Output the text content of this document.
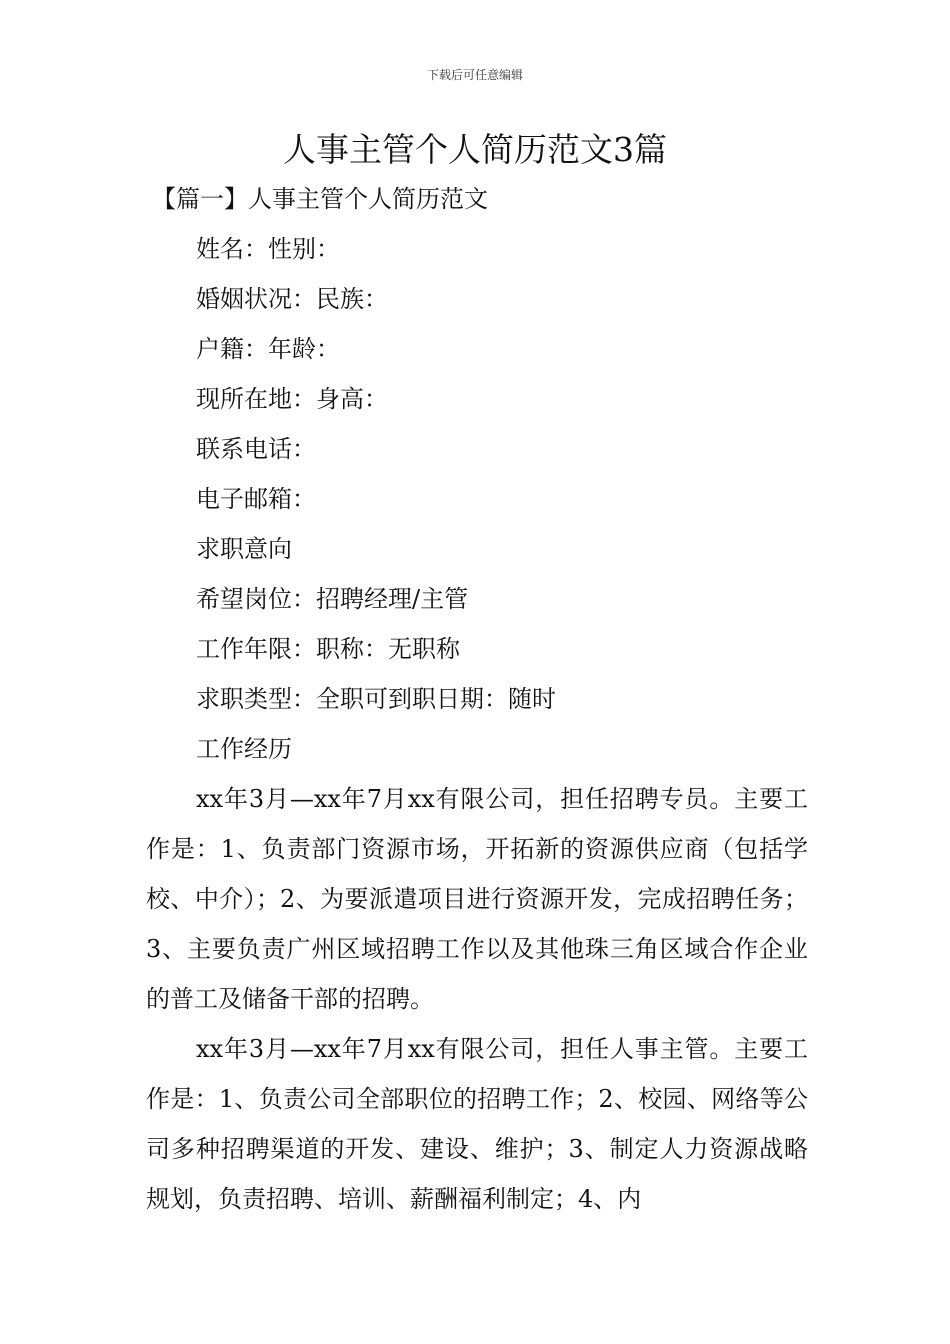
下载后可任意编辑
人事主管个人简历范文3篇
【篇一】人事主管个人简历范文
姓名：性别：
婚姻状况：民族：
户籍：年龄：
现所在地：身高：
联系电话：
电子邮箱：
求职意向
希望岗位：招聘经理/主管
工作年限：职称：无职称
求职类型：全职可到职日期：随时
工作经历

xx年3月—xx年7月xx有限公司，担任招聘专员。主要工作是：1、负责部门资源市场，开拓新的资源供应商（包括学校、中介）；2、为要派遣项目进行资源开发，完成招聘任务；3、主要负责广州区域招聘工作以及其他珠三角区域合作企业的普工及储备干部的招聘。

xx年3月—xx年7月xx有限公司，担任人事主管。主要工作是：1、负责公司全部职位的招聘工作；2、校园、网络等公司多种招聘渠道的开发、建设、维护；3、制定人力资源战略规划，负责招聘、培训、薪酬福利制定；4、内
